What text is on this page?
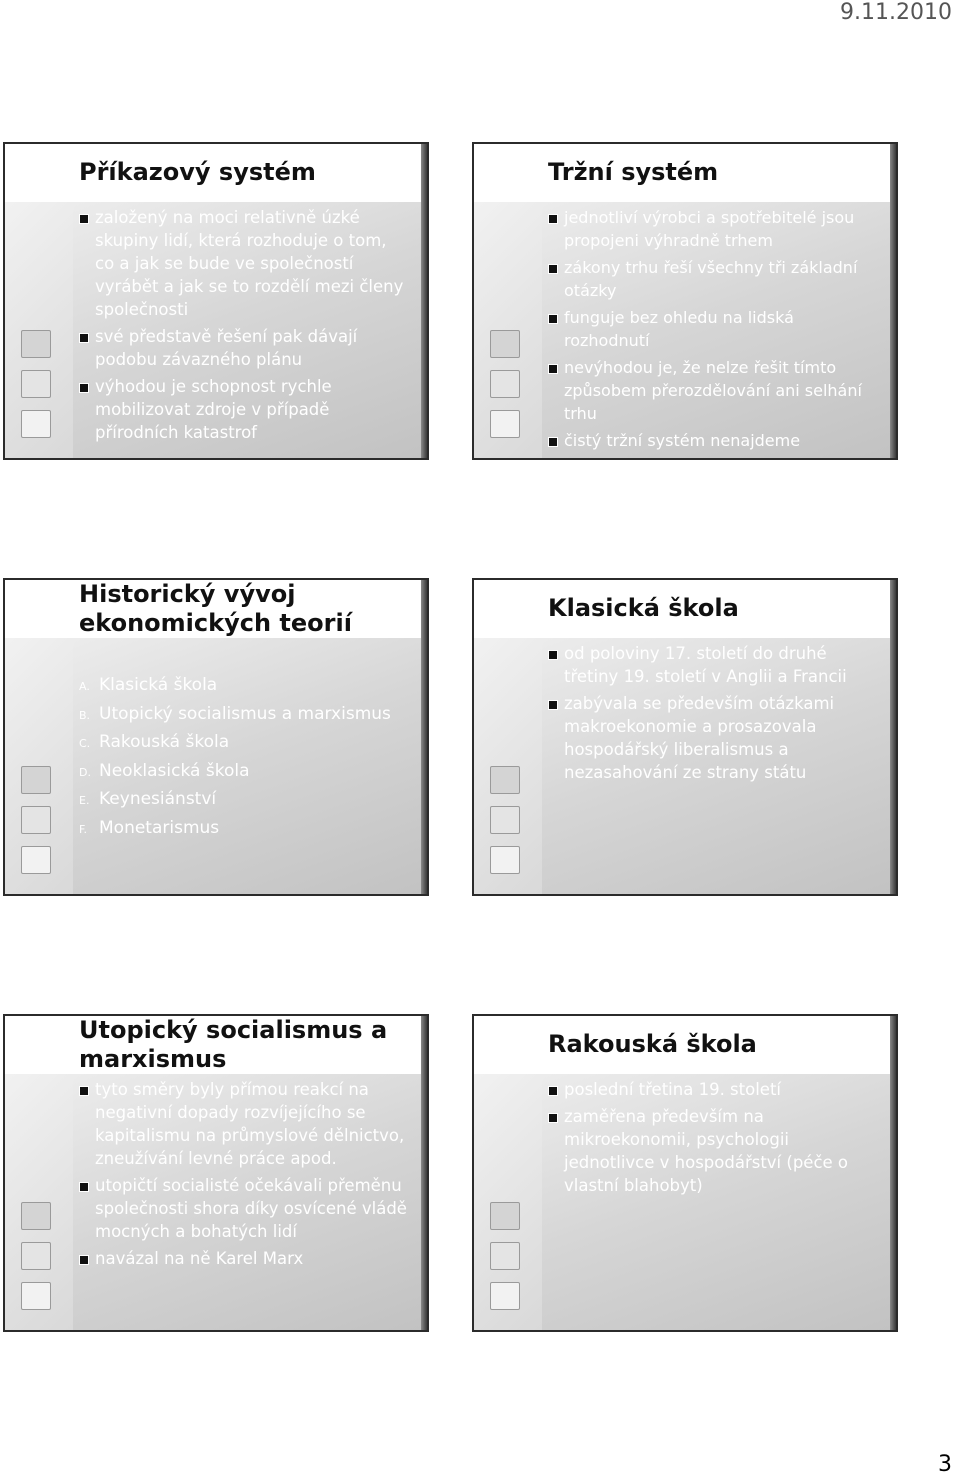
9.11.2010
Příkazový systém
založený na moci relativně úzké skupiny lidí, která rozhoduje o tom, co a jak se bude ve společností vyrábět a jak se to rozdělí mezi členy společnosti
své představě řešení pak dávají podobu závazného plánu
výhodou je schopnost rychle mobilizovat zdroje v případě přírodních katastrof
Tržní systém
jednotliví výrobci a spotřebitelé jsou propojeni výhradně trhem
zákony trhu řeší všechny tři základní otázky
funguje bez ohledu na lidská rozhodnutí
nevýhodou je, že nelze řešit tímto způsobem přerozdělování ani selhání trhu
čistý tržní systém nenajdeme
Historický vývoj ekonomických teorií
A. Klasická škola
B. Utopický socialismus a marxismus
C. Rakouská škola
D. Neoklasická škola
E. Keynesiánství
F. Monetarismus
Klasická škola
od poloviny 17. století do druhé třetiny 19. století v Anglii a Francii
zabývala se především otázkami makroekonomie a prosazovala hospodářský liberalismus a nezasahování ze strany státu
Utopický socialismus a marxismus
tyto směry byly přímou reakcí na negativní dopady rozvíjejícího se kapitalismu na průmyslové dělnictvo, zneužívání levné práce apod.
utopičtí socialisté očekávali přeměnu společnosti shora díky osvícené vládě mocných a bohatých lidí
navázal na ně Karel Marx
Rakouská škola
poslední třetina 19. století
zaměřena především na mikroekonomii, psychologii jednotlivce v hospodářství (péče o vlastní blahobyt)
3
